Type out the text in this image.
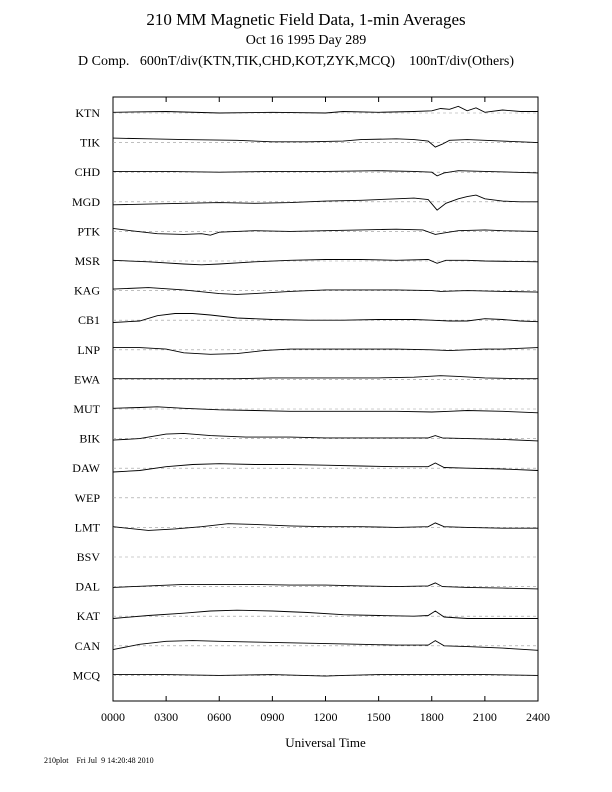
210 MM Magnetic Field Data, 1-min Averages
Oct 16 1995 Day 289
D Comp. 600nT/div(KTN,TIK,CHD,KOT,ZYK,MCQ) 100nT/div(Others)
KTN
TIK
CHD
MGD
PTK
MSR
KAG
CB1
LNP
EWA
MUT
BIK
DAW
WEP
LMT
BSV
DAL
KAT
CAN
MCQ
0000 0300 0600 0900 1200 1500 1800 2100 2400
Universal Time
210plot Fri Jul  9 14:20:48 2010
